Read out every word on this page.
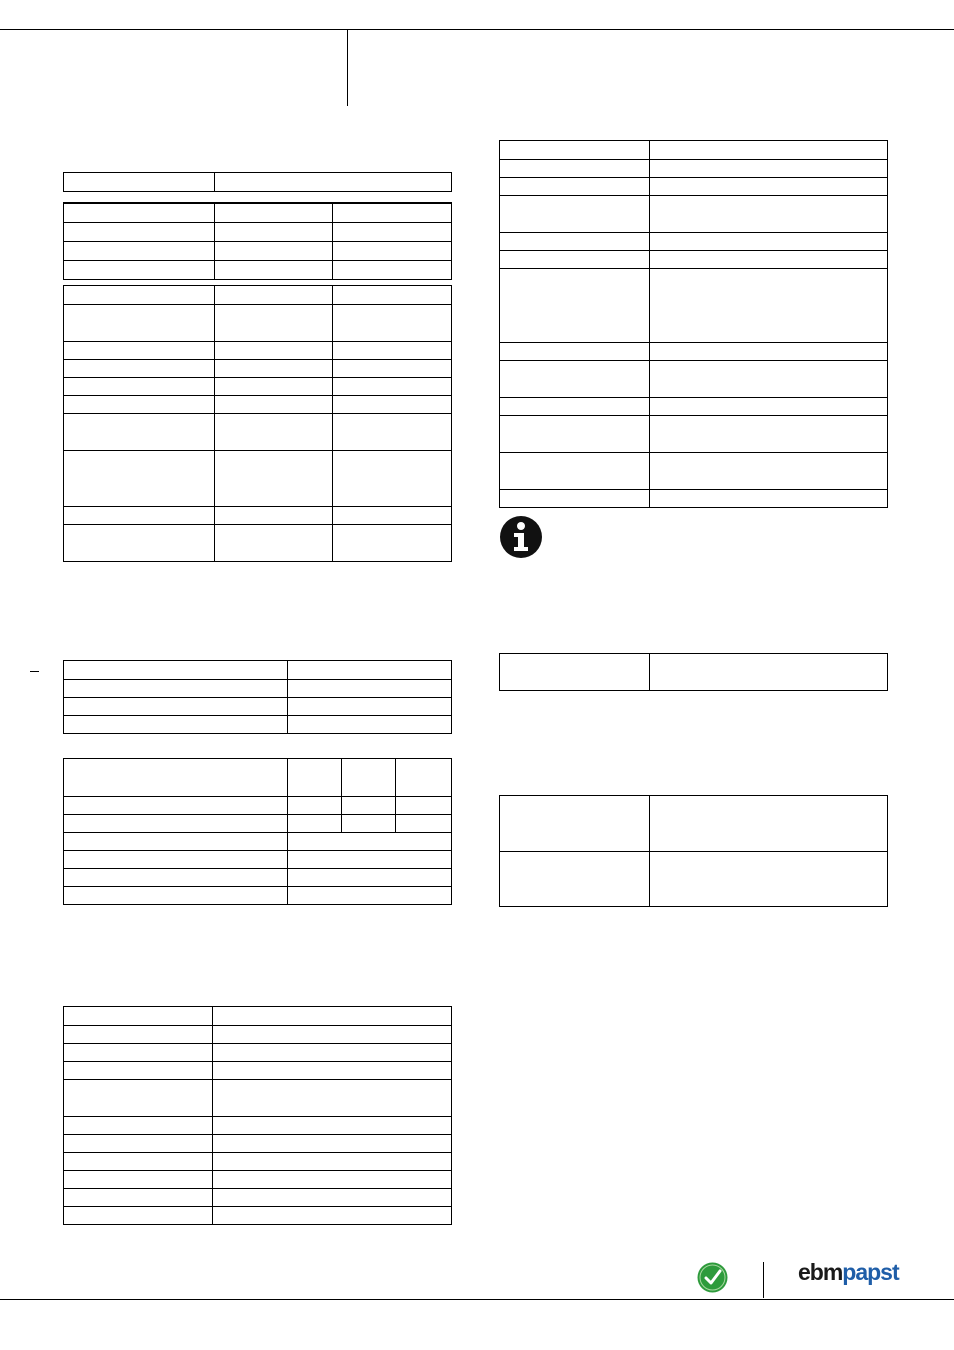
ebmpapst
